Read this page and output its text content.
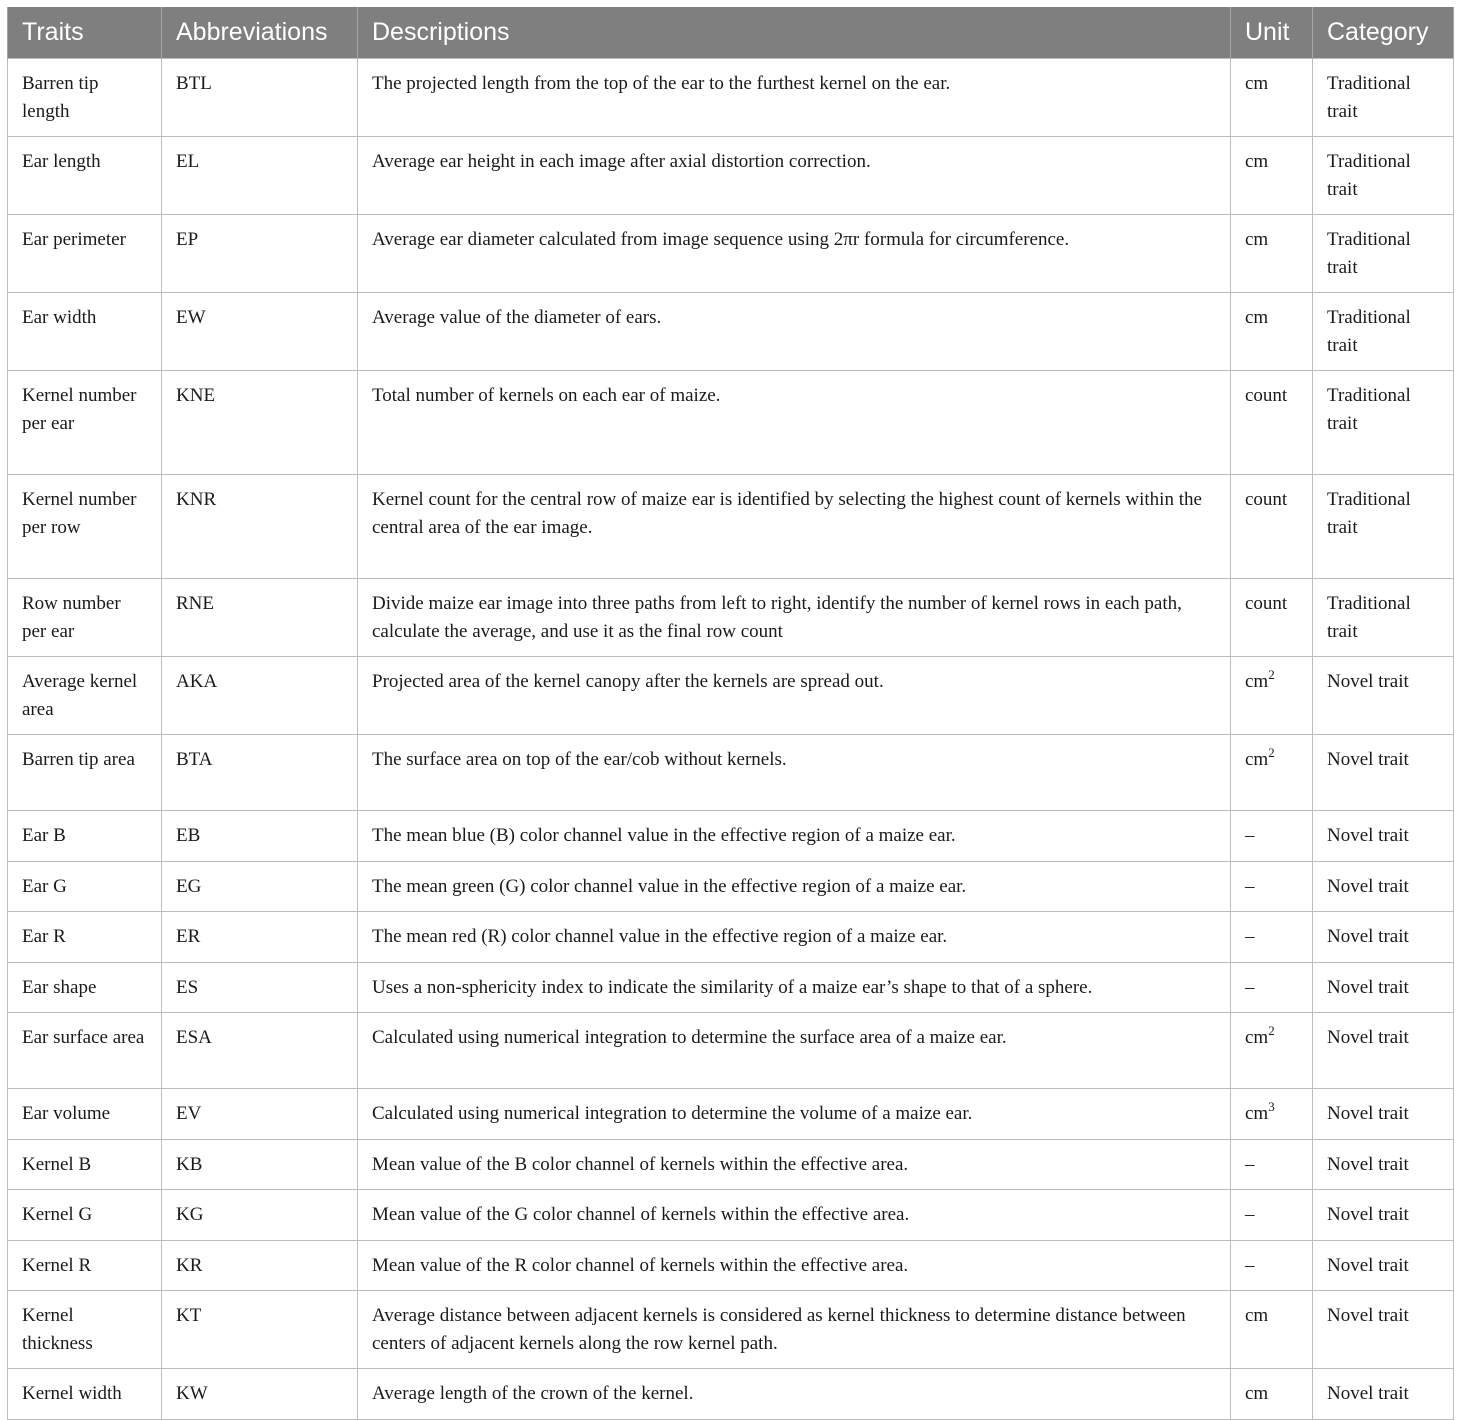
Traits	Abbreviations	Descriptions	Unit	Category
Barren tip length	BTL	The projected length from the top of the ear to the furthest kernel on the ear.	cm	Traditional trait
Ear length	EL	Average ear height in each image after axial distortion correction.	cm	Traditional trait
Ear perimeter	EP	Average ear diameter calculated from image sequence using 2πr formula for circumference.	cm	Traditional trait
Ear width	EW	Average value of the diameter of ears.	cm	Traditional trait
Kernel number per ear	KNE	Total number of kernels on each ear of maize.	count	Traditional trait
Kernel number per row	KNR	Kernel count for the central row of maize ear is identified by selecting the highest count of kernels within the central area of the ear image.	count	Traditional trait
Row number per ear	RNE	Divide maize ear image into three paths from left to right, identify the number of kernel rows in each path, calculate the average, and use it as the final row count	count	Traditional trait
Average kernel area	AKA	Projected area of the kernel canopy after the kernels are spread out.	$cm^2$	Novel trait
Barren tip area	BTA	The surface area on top of the ear/cob without kernels.	$cm^2$	Novel trait
Ear B	EB	The mean blue (B) color channel value in the effective region of a maize ear.	–	Novel trait
Ear G	EG	The mean green (G) color channel value in the effective region of a maize ear.	–	Novel trait
Ear R	ER	The mean red (R) color channel value in the effective region of a maize ear.	–	Novel trait
Ear shape	ES	Uses a non-sphericity index to indicate the similarity of a maize ear’s shape to that of a sphere.	–	Novel trait
Ear surface area	ESA	Calculated using numerical integration to determine the surface area of a maize ear.	$cm^2$	Novel trait
Ear volume	EV	Calculated using numerical integration to determine the volume of a maize ear.	$cm^3$	Novel trait
Kernel B	KB	Mean value of the B color channel of kernels within the effective area.	–	Novel trait
Kernel G	KG	Mean value of the G color channel of kernels within the effective area.	–	Novel trait
Kernel R	KR	Mean value of the R color channel of kernels within the effective area.	–	Novel trait
Kernel thickness	KT	Average distance between adjacent kernels is considered as kernel thickness to determine distance between centers of adjacent kernels along the row kernel path.	cm	Novel trait
Kernel width	KW	Average length of the crown of the kernel.	cm	Novel trait
